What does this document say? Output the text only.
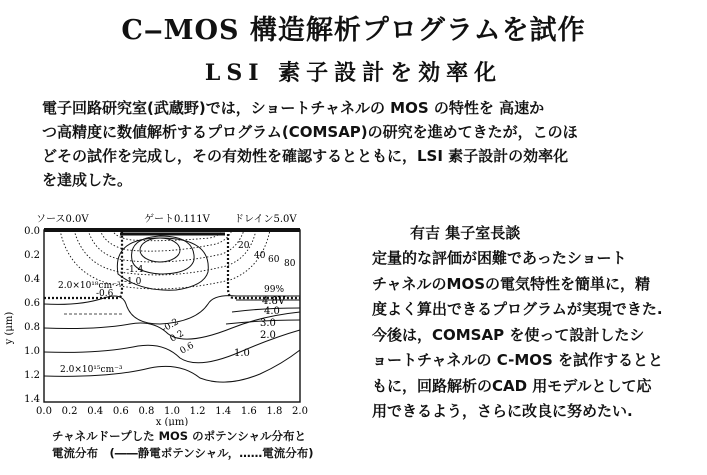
C‒MOS 構造解析プログラムを試作
LSI 素子設計を効率化
電子回路研究室(武蔵野)では，ショートチャネルの MOS の特性を 高速か
つ高精度に数値解析するプログラム(COMSAP)の研究を進めてきたが，このほ
どその試作を完成し，その有効性を確認するとともに，LSI 素子設計の効率化
を達成した。
ソース0.0V	ゲート0.111V ドレイン5.0V
-1.4
-1.0
-0.6
-0.2
0.2
0.6	1.0
2.0
3.0
4.0
4.8V
20
40 60 80
99%
2.0×10¹⁸cm⁻³
2.0×10¹⁵cm⁻³
0.0
0.2
0.4
0.6
0.8
1.0
1.2
1.4
y (μm)
0.0 0.2 0.4 0.6 0.8 1.0 1.2 1.4 1.6 1.8 2.0
x (μm)
有吉 集子室長談
定量的な評価が困難であったショート
チャネルのMOSの電気特性を簡単に，精
度よく算出できるプログラムが実現できた.
今後は，COMSAP を使って設計したシ
ョートチャネルの C-MOS を試作するとと
もに，回路解析のCAD 用モデルとして応
用できるよう，さらに改良に努めたい.
チャネルドープした MOS のポテンシャル分布と
電流分布　(――静電ポテンシャル，……電流分布)
